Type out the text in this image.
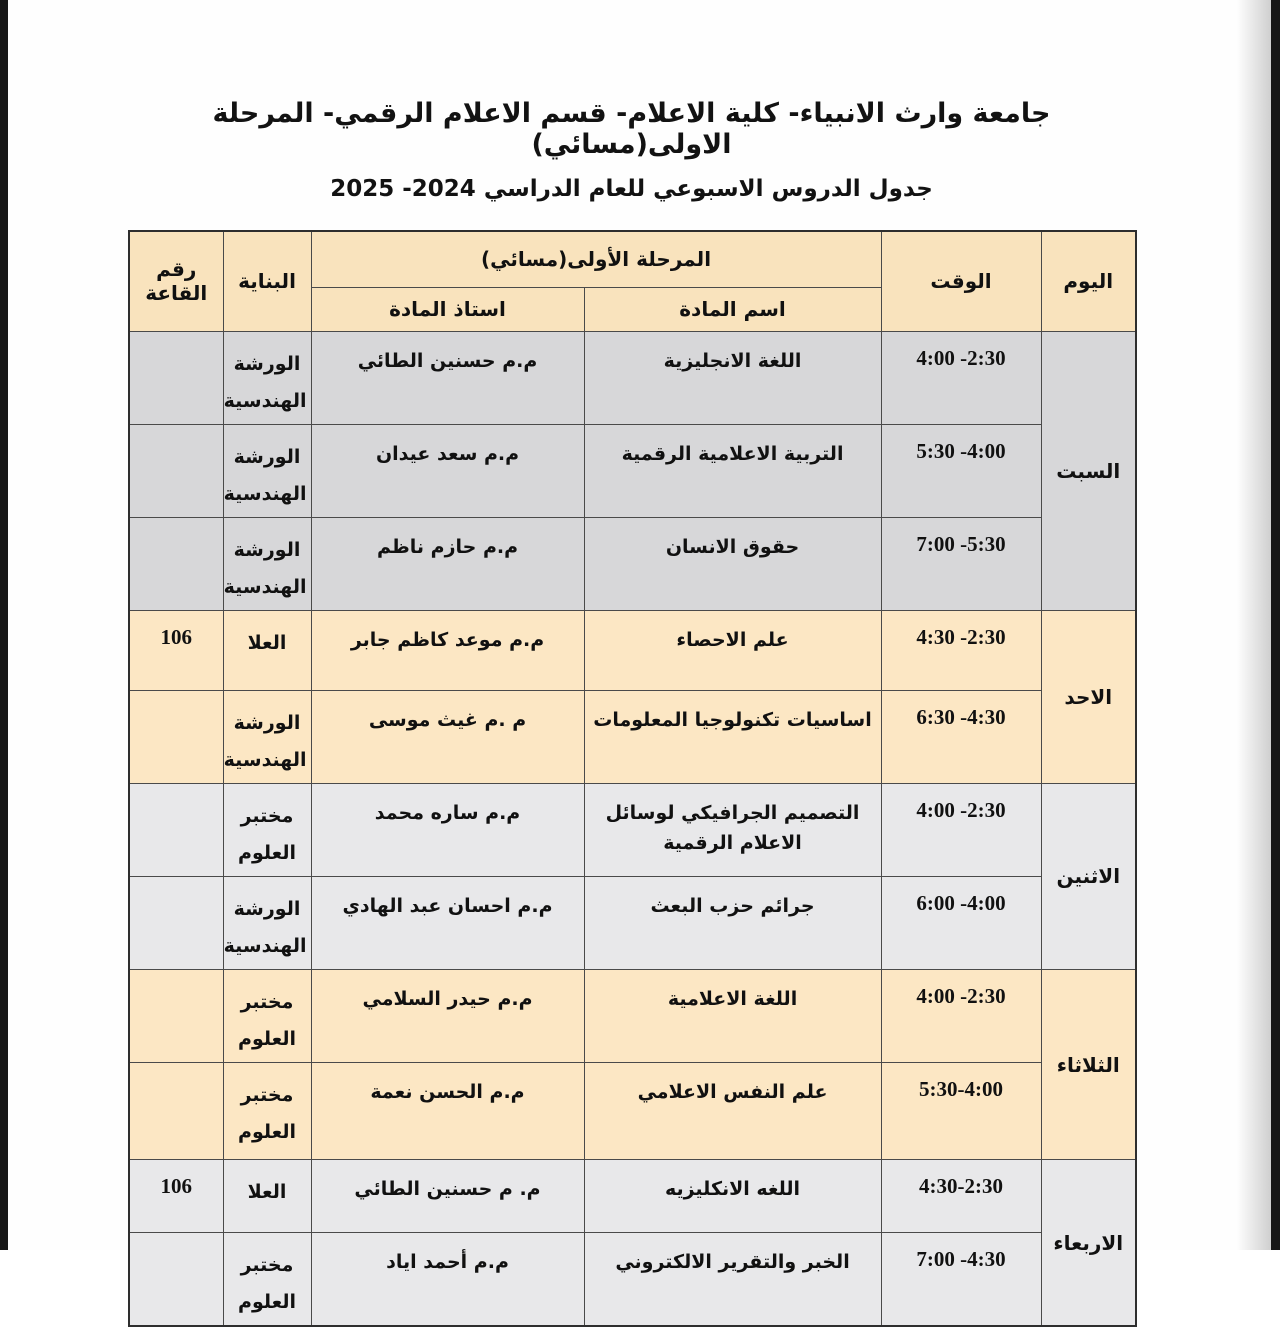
جامعة وارث الانبياء- كلية الاعلام- قسم الاعلام الرقمي- المرحلة الاولى(مسائي)
جدول الدروس الاسبوعي للعام الدراسي 2024- 2025
اليوم	الوقت	المرحلة الأولى(مسائي)		البناية	رقم القاعة
		اسم المادة	استاذ المادة		
السبت	4:00 -2:30	اللغة الانجليزية	م.م حسنين الطائي	الورشة الهندسية	
	5:30 -4:00	التربية الاعلامية الرقمية	م.م سعد عيدان	الورشة الهندسية	
	7:00 -5:30	حقوق الانسان	م.م حازم ناظم	الورشة الهندسية	
الاحد	4:30 -2:30	علم الاحصاء	م.م موعد كاظم جابر	العلا	106
	6:30 -4:30	اساسيات تكنولوجيا المعلومات	م .م غيث موسى	الورشة الهندسية	
الاثنين	4:00 -2:30	التصميم الجرافيكي لوسائل الاعلام الرقمية	م.م ساره محمد	مختبر العلوم	
	6:00 -4:00	جرائم حزب البعث	م.م احسان عبد الهادي	الورشة الهندسية	
الثلاثاء	4:00 -2:30	اللغة الاعلامية	م.م حيدر السلامي	مختبر العلوم	
	5:30-4:00	علم النفس الاعلامي	م.م الحسن نعمة	مختبر العلوم	
الاربعاء	4:30-2:30	اللغه الانكليزيه	م. م حسنين الطائي	العلا	106
	7:00 -4:30	الخبر والتقرير الالكتروني	م.م أحمد اياد	مختبر العلوم	
